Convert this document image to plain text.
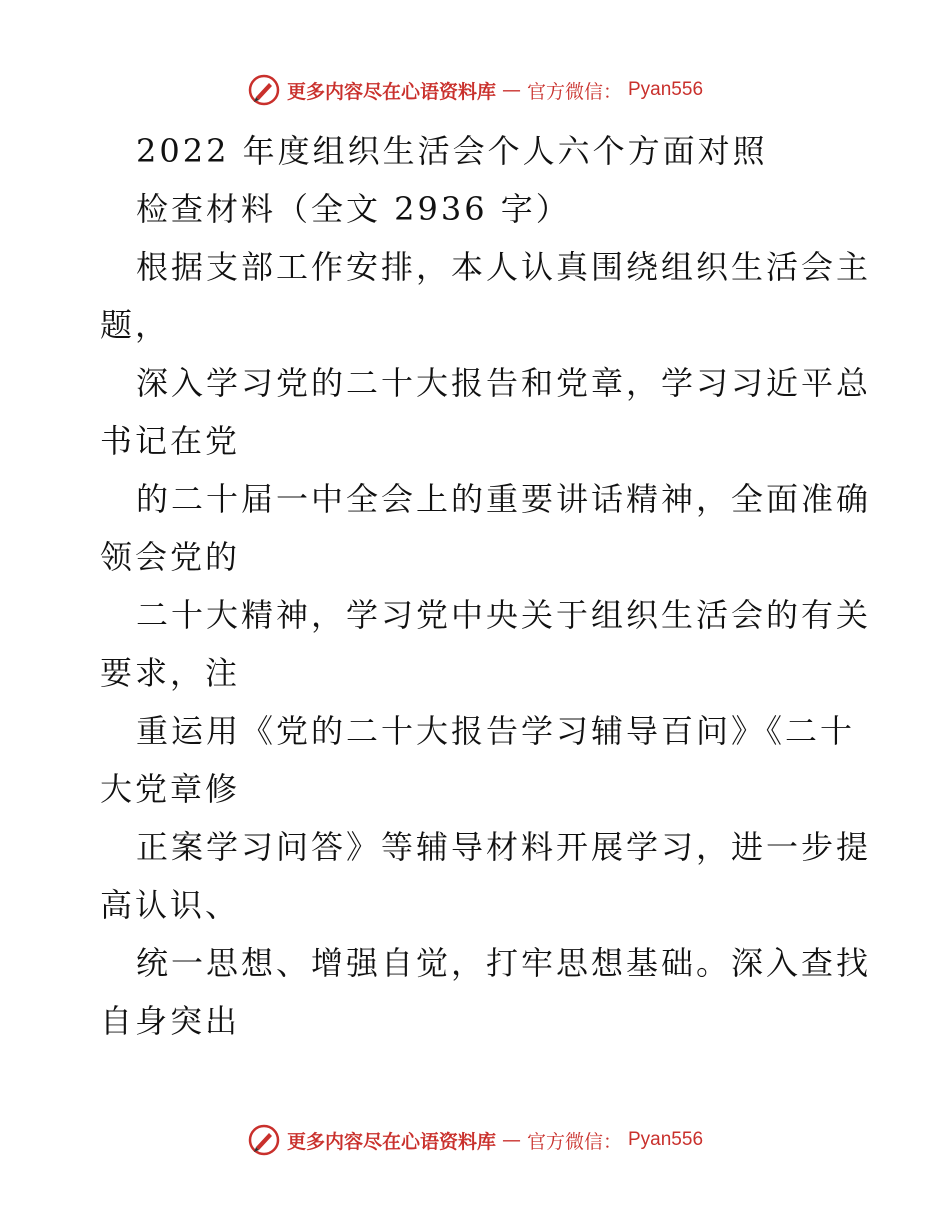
更多内容尽在心语资料库 — 官方微信： Pyan556
2022 年度组织生活会个人六个方面对照
检查材料（全文 2936 字）
根据支部工作安排，本人认真围绕组织生活会主
题，
深入学习党的二十大报告和党章，学习习近平总
书记在党
的二十届一中全会上的重要讲话精神，全面准确
领会党的
二十大精神，学习党中央关于组织生活会的有关
要求，注
重运用《党的二十大报告学习辅导百问》《二十
大党章修
正案学习问答》等辅导材料开展学习，进一步提
高认识、
统一思想、增强自觉，打牢思想基础。深入查找
自身突出
更多内容尽在心语资料库 — 官方微信： Pyan556
